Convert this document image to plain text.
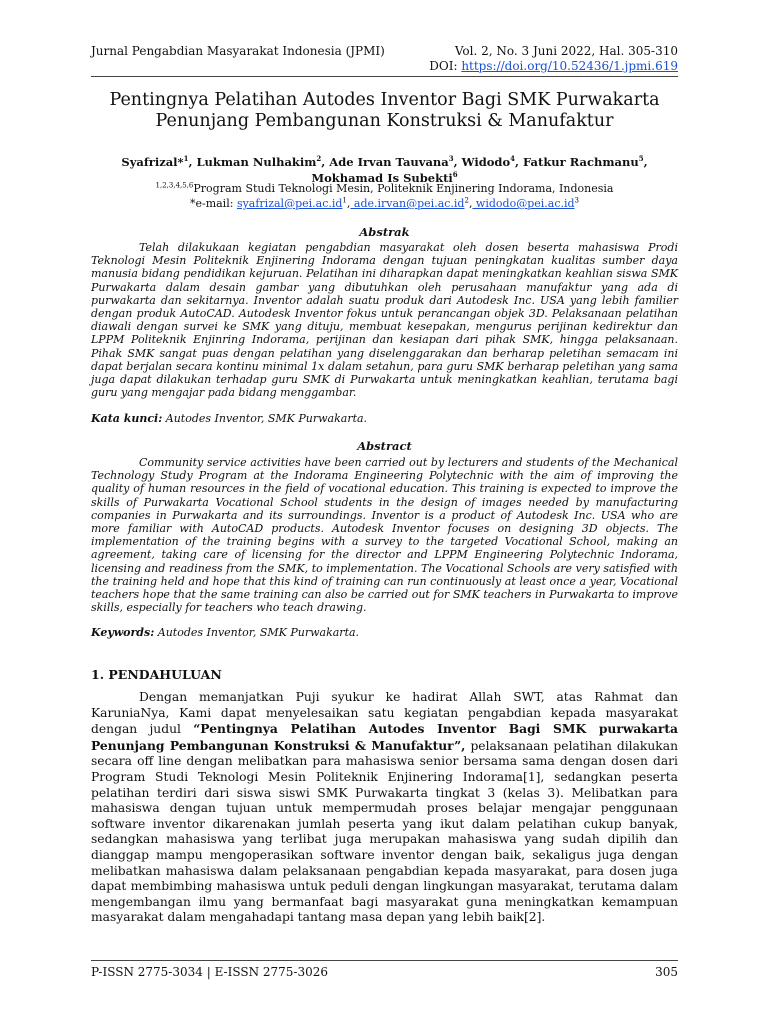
Jurnal Pengabdian Masyarakat Indonesia (JPMI)	Vol. 2, No. 3 Juni 2022, Hal. 305-310
DOI: https://doi.org/10.52436/1.jpmi.619
Pentingnya Pelatihan Autodes Inventor Bagi SMK Purwakarta
Penunjang Pembangunan Konstruksi & Manufaktur
Syafrizal*$^1$, Lukman Nulhakim$^2$, Ade Irvan Tauvana$^3$, Widodo$^4$, Fatkur Rachmanu$^5$, Mokhamad Is Subekti$^6$
$^{1,2,3,4,5,6}$Program Studi Teknologi Mesin, Politeknik Enjinering Indorama, Indonesia
*e-mail: $syafrizal@pei.ac.id^1$, $ade.irvan@pei.ac.id^2$, $widodo@pei.ac.id^3$
Abstrak

Telah dilakukaan kegiatan pengabdian masyarakat oleh dosen beserta mahasiswa Prodi Teknologi Mesin Politeknik Enjinering Indorama dengan tujuan peningkatan kualitas sumber daya manusia bidang pendidikan kejuruan. Pelatihan ini diharapkan dapat meningkatkan keahlian siswa SMK Purwakarta dalam desain gambar yang dibutuhkan oleh perusahaan manufaktur yang ada di purwakarta dan sekitarnya. Inventor adalah suatu produk dari Autodesk Inc. USA yang lebih familier dengan produk AutoCAD. Autodesk Inventor fokus untuk perancangan objek 3D. Pelaksanaan pelatihan diawali dengan survei ke SMK yang dituju, membuat kesepakan, mengurus perijinan kedirektur dan LPPM Politeknik Enjinring Indorama, perijinan dan kesiapan dari pihak SMK, hingga pelaksanaan. Pihak SMK sangat puas dengan pelatihan yang diselenggarakan dan berharap peletihan semacam ini dapat berjalan secara kontinu minimal 1x dalam setahun, para guru SMK berharap peletihan yang sama juga dapat dilakukan terhadap guru SMK di Purwakarta untuk meningkatkan keahlian, terutama bagi guru yang mengajar pada bidang menggambar.

Kata kunci: Autodes Inventor, SMK Purwakarta.
Abstract

Community service activities have been carried out by lecturers and students of the Mechanical Technology Study Program at the Indorama Engineering Polytechnic with the aim of improving the quality of human resources in the field of vocational education. This training is expected to improve the skills of Purwakarta Vocational School students in the design of images needed by manufacturing companies in Purwakarta and its surroundings. Inventor is a product of Autodesk Inc. USA who are more familiar with AutoCAD products. Autodesk Inventor focuses on designing 3D objects. The implementation of the training begins with a survey to the targeted Vocational School, making an agreement, taking care of licensing for the director and LPPM Engineering Polytechnic Indorama, licensing and readiness from the SMK, to implementation. The Vocational Schools are very satisfied with the training held and hope that this kind of training can run continuously at least once a year, Vocational teachers hope that the same training can also be carried out for SMK teachers in Purwakarta to improve skills, especially for teachers who teach drawing.

Keywords: Autodes Inventor, SMK Purwakarta.
1. PENDAHULUAN

Dengan memanjatkan Puji syukur ke hadirat Allah SWT, atas Rahmat dan KaruniaNya, Kami dapat menyelesaikan satu kegiatan pengabdian kepada masyarakat dengan judul “Pentingnya Pelatihan Autodes Inventor Bagi SMK purwakarta Penunjang Pembangunan Konstruksi & Manufaktur”, pelaksanaan pelatihan dilakukan secara off line dengan melibatkan para mahasiswa senior bersama sama dengan dosen dari Program Studi Teknologi Mesin Politeknik Enjinering Indorama[1], sedangkan peserta pelatihan terdiri dari siswa siswi SMK Purwakarta tingkat 3 (kelas 3). Melibatkan para mahasiswa dengan tujuan untuk mempermudah proses belajar mengajar penggunaan software inventor dikarenakan jumlah peserta yang ikut dalam pelatihan cukup banyak, sedangkan mahasiswa yang terlibat juga merupakan mahasiswa yang sudah dipilih dan dianggap mampu mengoperasikan software inventor dengan baik, sekaligus juga dengan melibatkan mahasiswa dalam pelaksanaan pengabdian kepada masyarakat, para dosen juga dapat membimbing mahasiswa untuk peduli dengan lingkungan masyarakat, terutama dalam mengembangan ilmu yang bermanfaat bagi masyarakat guna meningkatkan kemampuan masyarakat dalam mengahadapi tantang masa depan yang lebih baik[2].

P-ISSN 2775-3034 | E-ISSN 2775-3026	305
